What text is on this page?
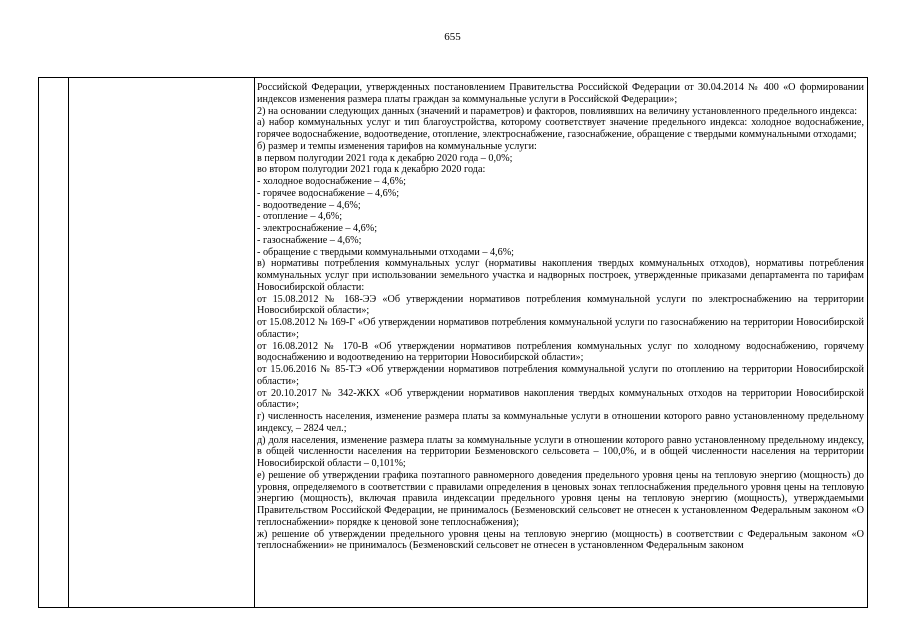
655

Российской Федерации, утвержденных постановлением Правительства Российской Федерации от 30.04.2014 № 400 «О формировании индексов изменения размера платы граждан за коммунальные услуги в Российской Федерации»;

2) на основании следующих данных (значений и параметров) и факторов, повлиявших на величину установленного предельного индекса:

а) набор коммунальных услуг и тип благоустройства, которому соответствует значение предельного индекса: холодное водоснабжение, горячее водоснабжение, водоотведение, отопление, электроснабжение, газоснабжение, обращение с твердыми коммунальными отходами;

б) размер и темпы изменения тарифов на коммунальные услуги:

в первом полугодии 2021 года к декабрю 2020 года – 0,0%;

во втором полугодии 2021 года к декабрю 2020 года:

- холодное водоснабжение – 4,6%;

- горячее водоснабжение – 4,6%;

- водоотведение – 4,6%;

- отопление – 4,6%;

- электроснабжение – 4,6%;

- газоснабжение – 4,6%;

- обращение с твердыми коммунальными отходами – 4,6%;

в) нормативы потребления коммунальных услуг (нормативы накопления твердых коммунальных отходов), нормативы потребления коммунальных услуг при использовании земельного участка и надворных построек, утвержденные приказами департамента по тарифам Новосибирской области:

от 15.08.2012 № 168-ЭЭ «Об утверждении нормативов потребления коммунальной услуги по электроснабжению на территории Новосибирской области»;

от 15.08.2012 № 169-Г «Об утверждении нормативов потребления коммунальной услуги по газоснабжению на территории Новосибирской области»;

от 16.08.2012 № 170-В «Об утверждении нормативов потребления коммунальных услуг по холодному водоснабжению, горячему водоснабжению и водоотведению на территории Новосибирской области»;

от 15.06.2016 № 85-ТЭ «Об утверждении нормативов потребления коммунальной услуги по отоплению на территории Новосибирской области»;

от 20.10.2017 № 342-ЖКХ «Об утверждении нормативов накопления твердых коммунальных отходов на территории Новосибирской области»;

г) численность населения, изменение размера платы за коммунальные услуги в отношении которого равно установленному предельному индексу, – 2824 чел.;

д) доля населения, изменение размера платы за коммунальные услуги в отношении которого равно установленному предельному индексу, в общей численности населения на территории Безменовского сельсовета – 100,0%, и в общей численности населения на территории Новосибирской области – 0,101%;

е) решение об утверждении графика поэтапного равномерного доведения предельного уровня цены на тепловую энергию (мощность) до уровня, определяемого в соответствии с правилами определения в ценовых зонах теплоснабжения предельного уровня цены на тепловую энергию (мощность), включая правила индексации предельного уровня цены на тепловую энергию (мощность), утверждаемыми Правительством Российской Федерации, не принималось (Безменовский сельсовет не отнесен к установленном Федеральным законом «О теплоснабжении» порядке к ценовой зоне теплоснабжения);

ж) решение об утверждении предельного уровня цены на тепловую энергию (мощность) в соответствии с Федеральным законом «О теплоснабжении» не принималось (Безменовский сельсовет не отнесен в установленном Федеральным законом
